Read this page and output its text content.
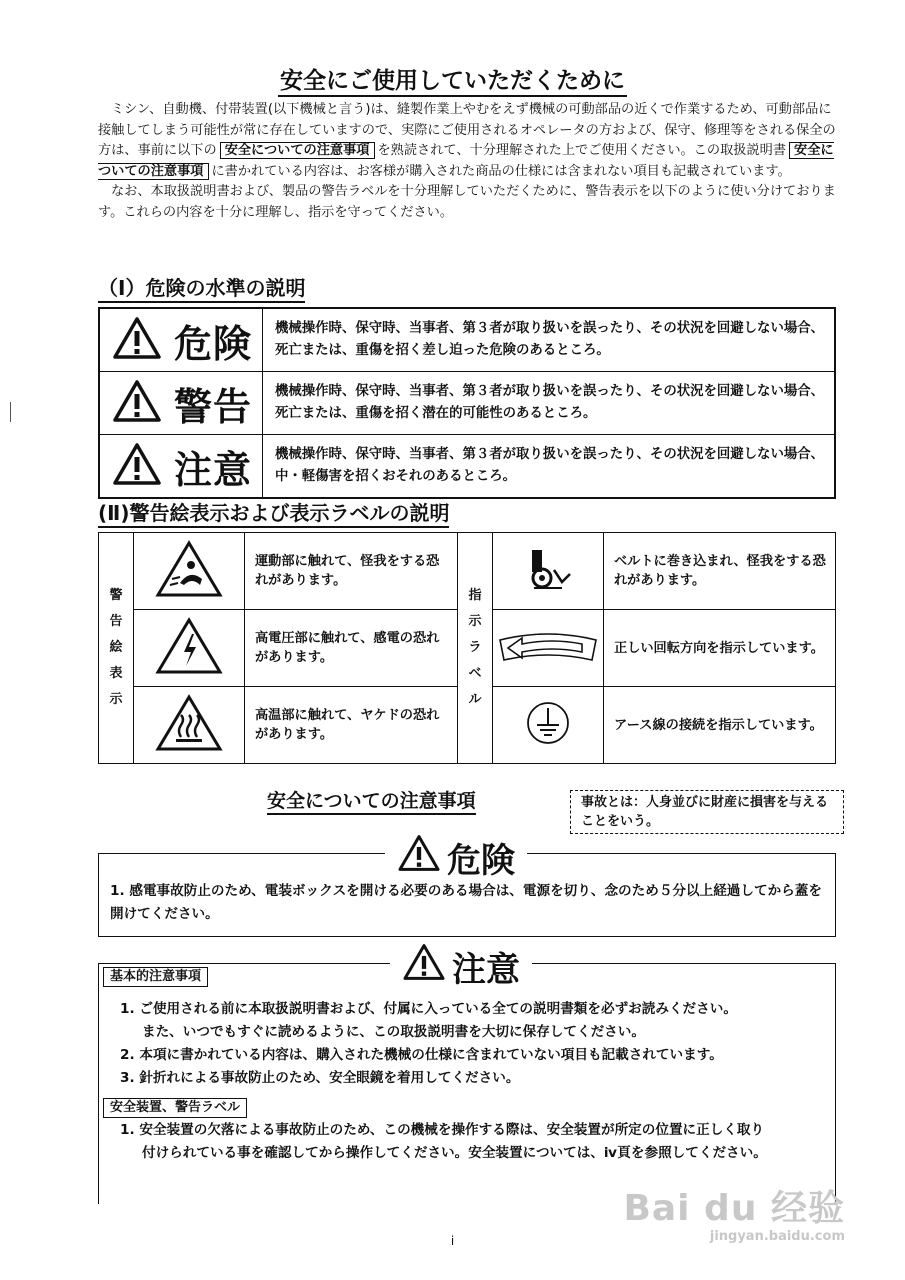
安全にご使用していただくために

ミシン、自動機、付帯装置(以下機械と言う)は、縫製作業上やむをえず機械の可動部品の近くで作業するため、可動部品に接触してしまう可能性が常に存在していますので、実際にご使用されるオペレータの方および、保守、修理等をされる保全の方は、事前に以下の 安全についての注意事項 を熟読されて、十分理解された上でご使用ください。この取扱説明書 安全についての注意事項 に書かれている内容は、お客様が購入された商品の仕様には含まれない項目も記載されています。

なお、本取扱説明書および、製品の警告ラベルを十分理解していただくために、警告表示を以下のように使い分けております。これらの内容を十分に理解し、指示を守ってください。

（Ⅰ）危険の水準の説明
危険	機械操作時、保守時、当事者、第３者が取り扱いを誤ったり、その状況を回避しない場合、死亡または、重傷を招く差し迫った危険のあるところ。
警告	機械操作時、保守時、当事者、第３者が取り扱いを誤ったり、その状況を回避しない場合、死亡または、重傷を招く潜在的可能性のあるところ。
注意	機械操作時、保守時、当事者、第３者が取り扱いを誤ったり、その状況を回避しない場合、中・軽傷害を招くおそれのあるところ。
(Ⅱ)警告絵表示および表示ラベルの説明
警告絵表示		運動部に触れて、怪我をする恐れがあります。	指示ラベル		ベルトに巻き込まれ、怪我をする恐れがあります。
	高電圧部に触れて、感電の恐れがあります。			正しい回転方向を指示しています。
	高温部に触れて、ヤケドの恐れがあります。			アース線の接続を指示しています。
安全についての注意事項	事故とは：人身並びに財産に損害を与えることをいう。
危険
1. 感電事故防止のため、電装ボックスを開ける必要のある場合は、電源を切り、念のため５分以上経過してから蓋を開けてください。
注意
基本的注意事項
1. ご使用される前に本取扱説明書および、付属に入っている全ての説明書類を必ずお読みください。
また、いつでもすぐに読めるように、この取扱説明書を大切に保存してください。
2. 本項に書かれている内容は、購入された機械の仕様に含まれていない項目も記載されています。
3. 針折れによる事故防止のため、安全眼鏡を着用してください。
安全装置、警告ラベル
1. 安全装置の欠落による事故防止のため、この機械を操作する際は、安全装置が所定の位置に正しく取り
付けられている事を確認してから操作してください。安全装置については、ⅳ頁を参照してください。
i
Bai du 经验
jingyan.baidu.com
